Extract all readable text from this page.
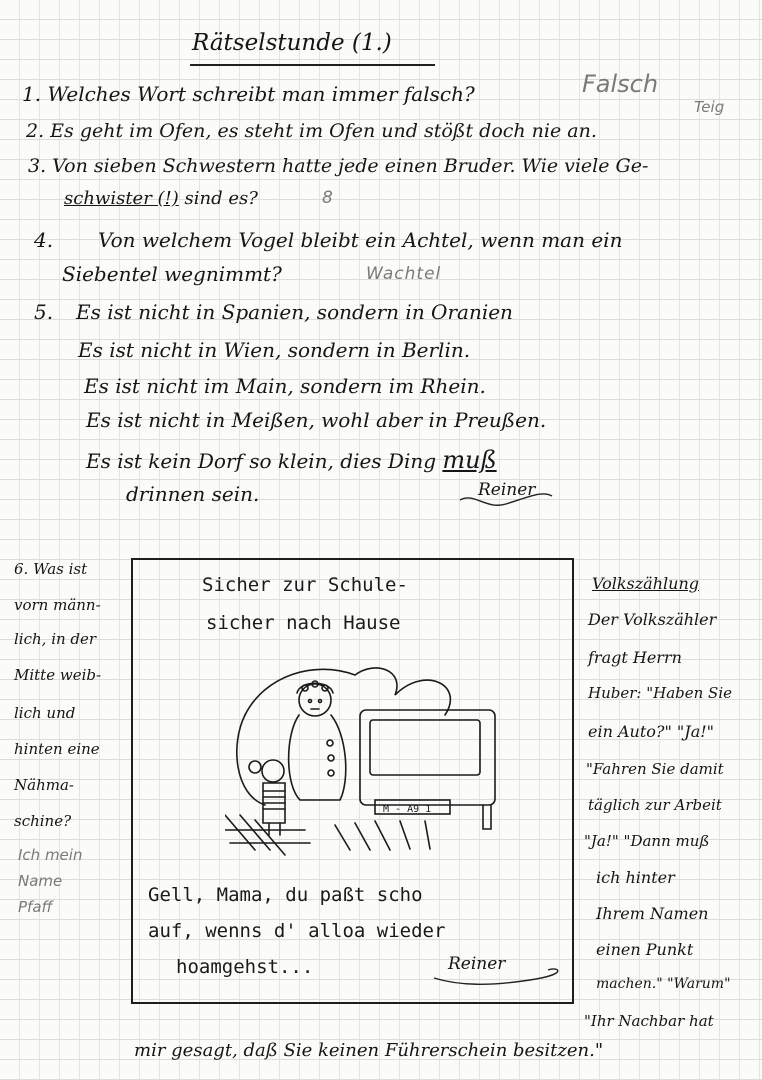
Rätselstunde (1.)
1. Welches Wort schreibt man immer falsch?	Falsch
2. Es geht im Ofen, es steht im Ofen und stößt doch nie an.
Teig
3. Von sieben Schwestern hatte jede einen Bruder. Wie viele Ge-
schwister (!) sind es?	8
4. Von welchem Vogel bleibt ein Achtel, wenn man ein
Siebentel wegnimmt?	Wachtel
5. Es ist nicht in Spanien, sondern in Oranien
Es ist nicht in Wien, sondern in Berlin.
Es ist nicht im Main, sondern im Rhein.
Es ist nicht in Meißen, wohl aber in Preußen.
Es ist kein Dorf so klein, dies Ding muß
drinnen sein.	Reiner
6. Was ist
vorn männ-
lich, in der
Mitte weib-
lich und
hinten eine
Nähma-
schine?
Ich mein
Name
Pfaff
Sicher zur Schule-
sicher nach Hause
M - A9 1
Gell, Mama, du paßt scho
auf, wenns d' alloa wieder
hoamgehst...	Reiner
Volkszählung
Der Volkszähler
fragt Herrn
Huber: "Haben Sie
ein Auto?" "Ja!"
"Fahren Sie damit
täglich zur Arbeit
"Ja!" "Dann muß
ich hinter
Ihrem Namen
einen Punkt
machen." "Warum"
"Ihr Nachbar hat
mir gesagt, daß Sie keinen Führerschein besitzen."
